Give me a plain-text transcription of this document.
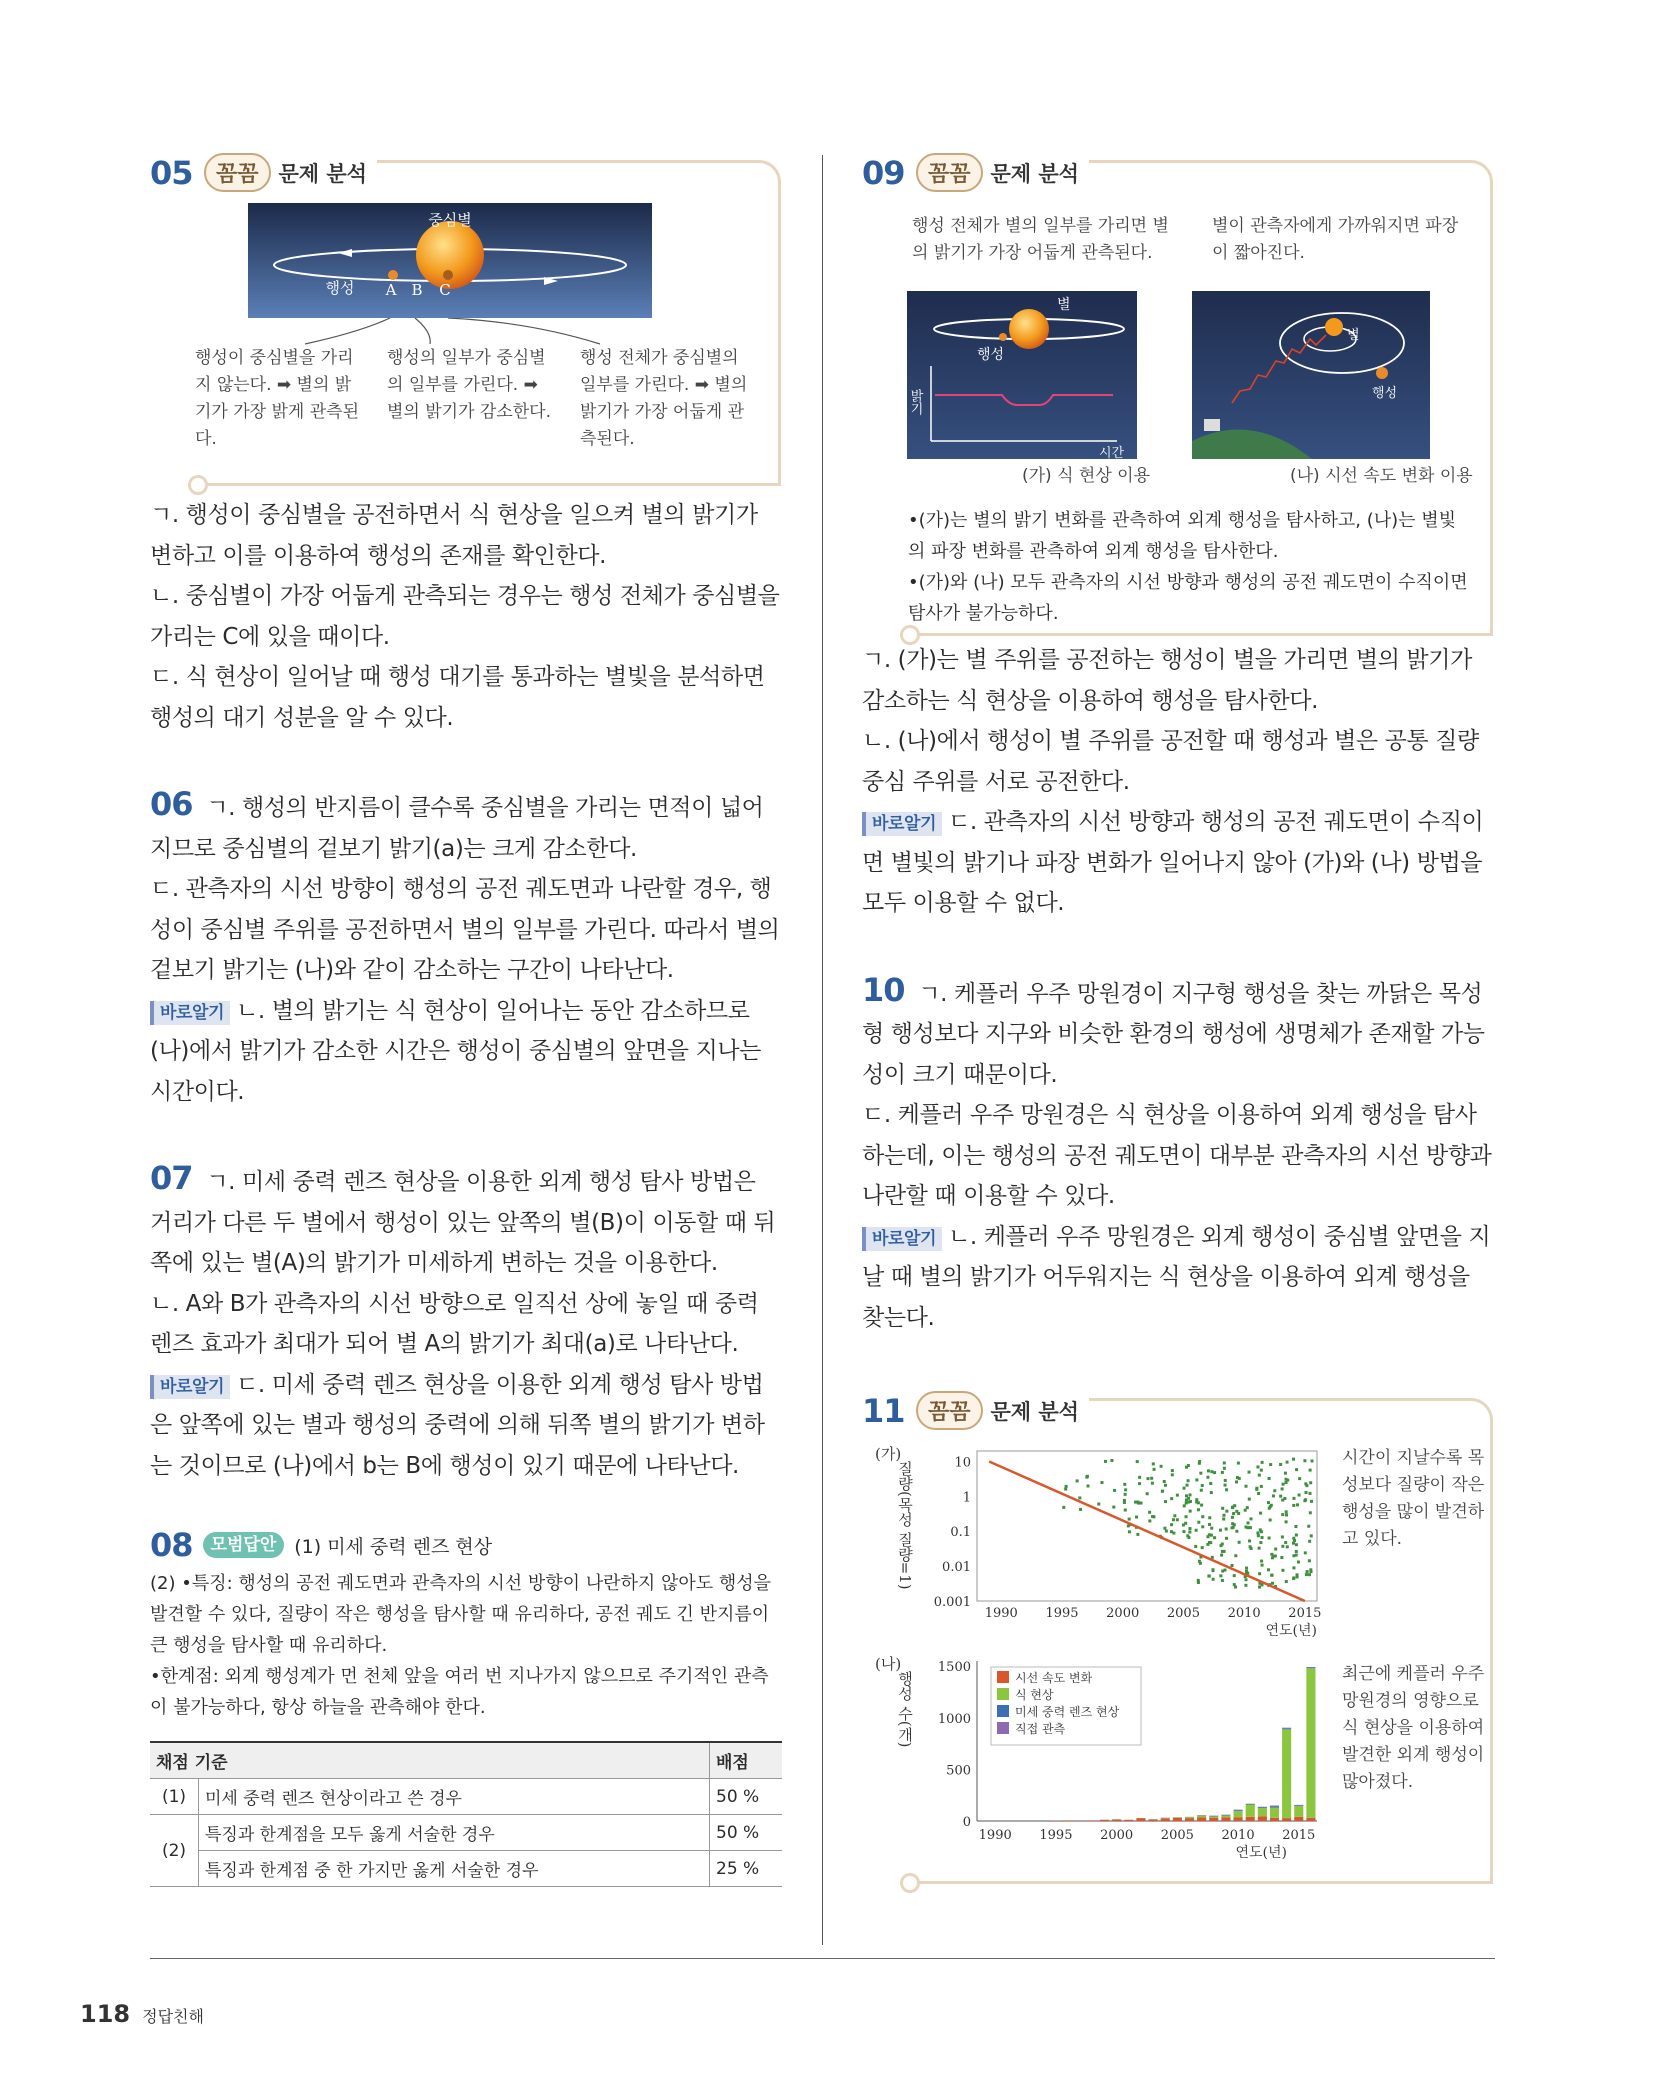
05	꼼꼼 문제 분석
중심별
행성 A B C
행성이 중심별을 가리지 않는다. ➡ 별의 밝기가 가장 밝게 관측된다.
행성의 일부가 중심별의 일부를 가린다. ➡ 별의 밝기가 감소한다.
행성 전체가 중심별의 일부를 가린다. ➡ 별의 밝기가 가장 어둡게 관측된다.

ㄱ. 행성이 중심별을 공전하면서 식 현상을 일으켜 별의 밝기가 변하고 이를 이용하여 행성의 존재를 확인한다.

ㄴ. 중심별이 가장 어둡게 관측되는 경우는 행성 전체가 중심별을 가리는 C에 있을 때이다.

ㄷ. 식 현상이 일어날 때 행성 대기를 통과하는 별빛을 분석하면 행성의 대기 성분을 알 수 있다.

06 ㄱ. 행성의 반지름이 클수록 중심별을 가리는 면적이 넓어지므로 중심별의 겉보기 밝기(a)는 크게 감소한다.

ㄷ. 관측자의 시선 방향이 행성의 공전 궤도면과 나란할 경우, 행성이 중심별 주위를 공전하면서 별의 일부를 가린다. 따라서 별의 겉보기 밝기는 (나)와 같이 감소하는 구간이 나타난다.

바로알기 ㄴ. 별의 밝기는 식 현상이 일어나는 동안 감소하므로 (나)에서 밝기가 감소한 시간은 행성이 중심별의 앞면을 지나는 시간이다.

07 ㄱ. 미세 중력 렌즈 현상을 이용한 외계 행성 탐사 방법은 거리가 다른 두 별에서 행성이 있는 앞쪽의 별(B)이 이동할 때 뒤쪽에 있는 별(A)의 밝기가 미세하게 변하는 것을 이용한다.

ㄴ. A와 B가 관측자의 시선 방향으로 일직선 상에 놓일 때 중력 렌즈 효과가 최대가 되어 별 A의 밝기가 최대(a)로 나타난다.

바로알기 ㄷ. 미세 중력 렌즈 현상을 이용한 외계 행성 탐사 방법은 앞쪽에 있는 별과 행성의 중력에 의해 뒤쪽 별의 밝기가 변하는 것이므로 (나)에서 b는 B에 행성이 있기 때문에 나타난다.

08	모범답안 (1) 미세 중력 렌즈 현상

(2) •특징: 행성의 공전 궤도면과 관측자의 시선 방향이 나란하지 않아도 행성을 발견할 수 있다, 질량이 작은 행성을 탐사할 때 유리하다, 공전 궤도 긴 반지름이 큰 행성을 탐사할 때 유리하다.

•한계점: 외계 행성계가 먼 천체 앞을 여러 번 지나가지 않으므로 주기적인 관측이 불가능하다, 항상 하늘을 관측해야 한다.

채점 기준		배점
(1)	미세 중력 렌즈 현상이라고 쓴 경우	50 %
(2)	특징과 한계점을 모두 옳게 서술한 경우	50 %
	특징과 한계점 중 한 가지만 옳게 서술한 경우	25 %
09	꼼꼼 문제 분석
행성 전체가 별의 일부를 가리면 별의 밝기가 가장 어둡게 관측된다.
별이 관측자에게 가까워지면 파장이 짧아진다.
별
행성
밝기
시간
(가) 식 현상 이용
별
행성
(나) 시선 속도 변화 이용

•(가)는 별의 밝기 변화를 관측하여 외계 행성을 탐사하고, (나)는 별빛의 파장 변화를 관측하여 외계 행성을 탐사한다.

•(가)와 (나) 모두 관측자의 시선 방향과 행성의 공전 궤도면이 수직이면 탐사가 불가능하다.

ㄱ. (가)는 별 주위를 공전하는 행성이 별을 가리면 별의 밝기가 감소하는 식 현상을 이용하여 행성을 탐사한다.

ㄴ. (나)에서 행성이 별 주위를 공전할 때 행성과 별은 공통 질량 중심 주위를 서로 공전한다.

바로알기 ㄷ. 관측자의 시선 방향과 행성의 공전 궤도면이 수직이면 별빛의 밝기나 파장 변화가 일어나지 않아 (가)와 (나) 방법을 모두 이용할 수 없다.

10 ㄱ. 케플러 우주 망원경이 지구형 행성을 찾는 까닭은 목성형 행성보다 지구와 비슷한 환경의 행성에 생명체가 존재할 가능성이 크기 때문이다.

ㄷ. 케플러 우주 망원경은 식 현상을 이용하여 외계 행성을 탐사하는데, 이는 행성의 공전 궤도면이 대부분 관측자의 시선 방향과 나란할 때 이용할 수 있다.

바로알기 ㄴ. 케플러 우주 망원경은 외계 행성이 중심별 앞면을 지날 때 별의 밝기가 어두워지는 식 현상을 이용하여 외계 행성을 찾는다.

11	꼼꼼 문제 분석
(가)
질량(목성 질량=1)
0.001
0.01
0.1
1
10
1990 1995 2000 2005 2010 2015
연도(년)
시간이 지날수록 목성보다 질량이 작은 행성을 많이 발견하고 있다.
(나)
행성 수(개)
0
500
1000
1500
1990 1995 2000 2005 2010 2015
연도(년)
시선 속도 변화
식 현상
미세 중력 렌즈 현상
직접 관측
최근에 케플러 우주 망원경의 영향으로 식 현상을 이용하여 발견한 외계 행성이 많아졌다.
118 정답친해
